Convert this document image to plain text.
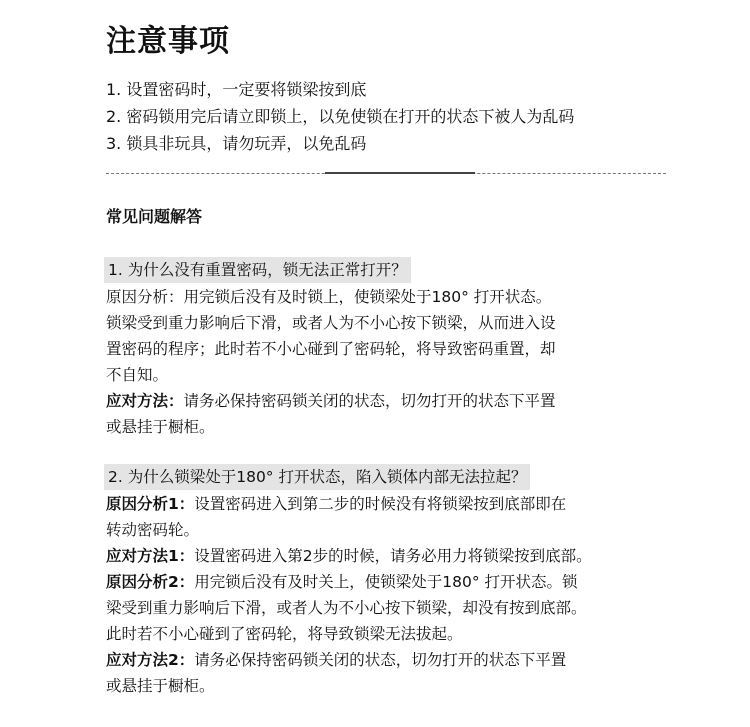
注意事项
1. 设置密码时，一定要将锁梁按到底
2. 密码锁用完后请立即锁上，以免使锁在打开的状态下被人为乱码
3. 锁具非玩具，请勿玩弄，以免乱码
常见问题解答
1. 为什么没有重置密码，锁无法正常打开？
原因分析：用完锁后没有及时锁上，使锁梁处于180° 打开状态。
锁梁受到重力影响后下滑，或者人为不小心按下锁梁，从而进入设
置密码的程序；此时若不小心碰到了密码轮，将导致密码重置，却
不自知。
应对方法：请务必保持密码锁关闭的状态，切勿打开的状态下平置
或悬挂于橱柜。
2. 为什么锁梁处于180° 打开状态，陷入锁体内部无法拉起？
原因分析1：设置密码进入到第二步的时候没有将锁梁按到底部即在
转动密码轮。
应对方法1：设置密码进入第2步的时候，请务必用力将锁梁按到底部。
原因分析2：用完锁后没有及时关上，使锁梁处于180° 打开状态。锁
梁受到重力影响后下滑，或者人为不小心按下锁梁，却没有按到底部。
此时若不小心碰到了密码轮，将导致锁梁无法拔起。
应对方法2：请务必保持密码锁关闭的状态，切勿打开的状态下平置
或悬挂于橱柜。
